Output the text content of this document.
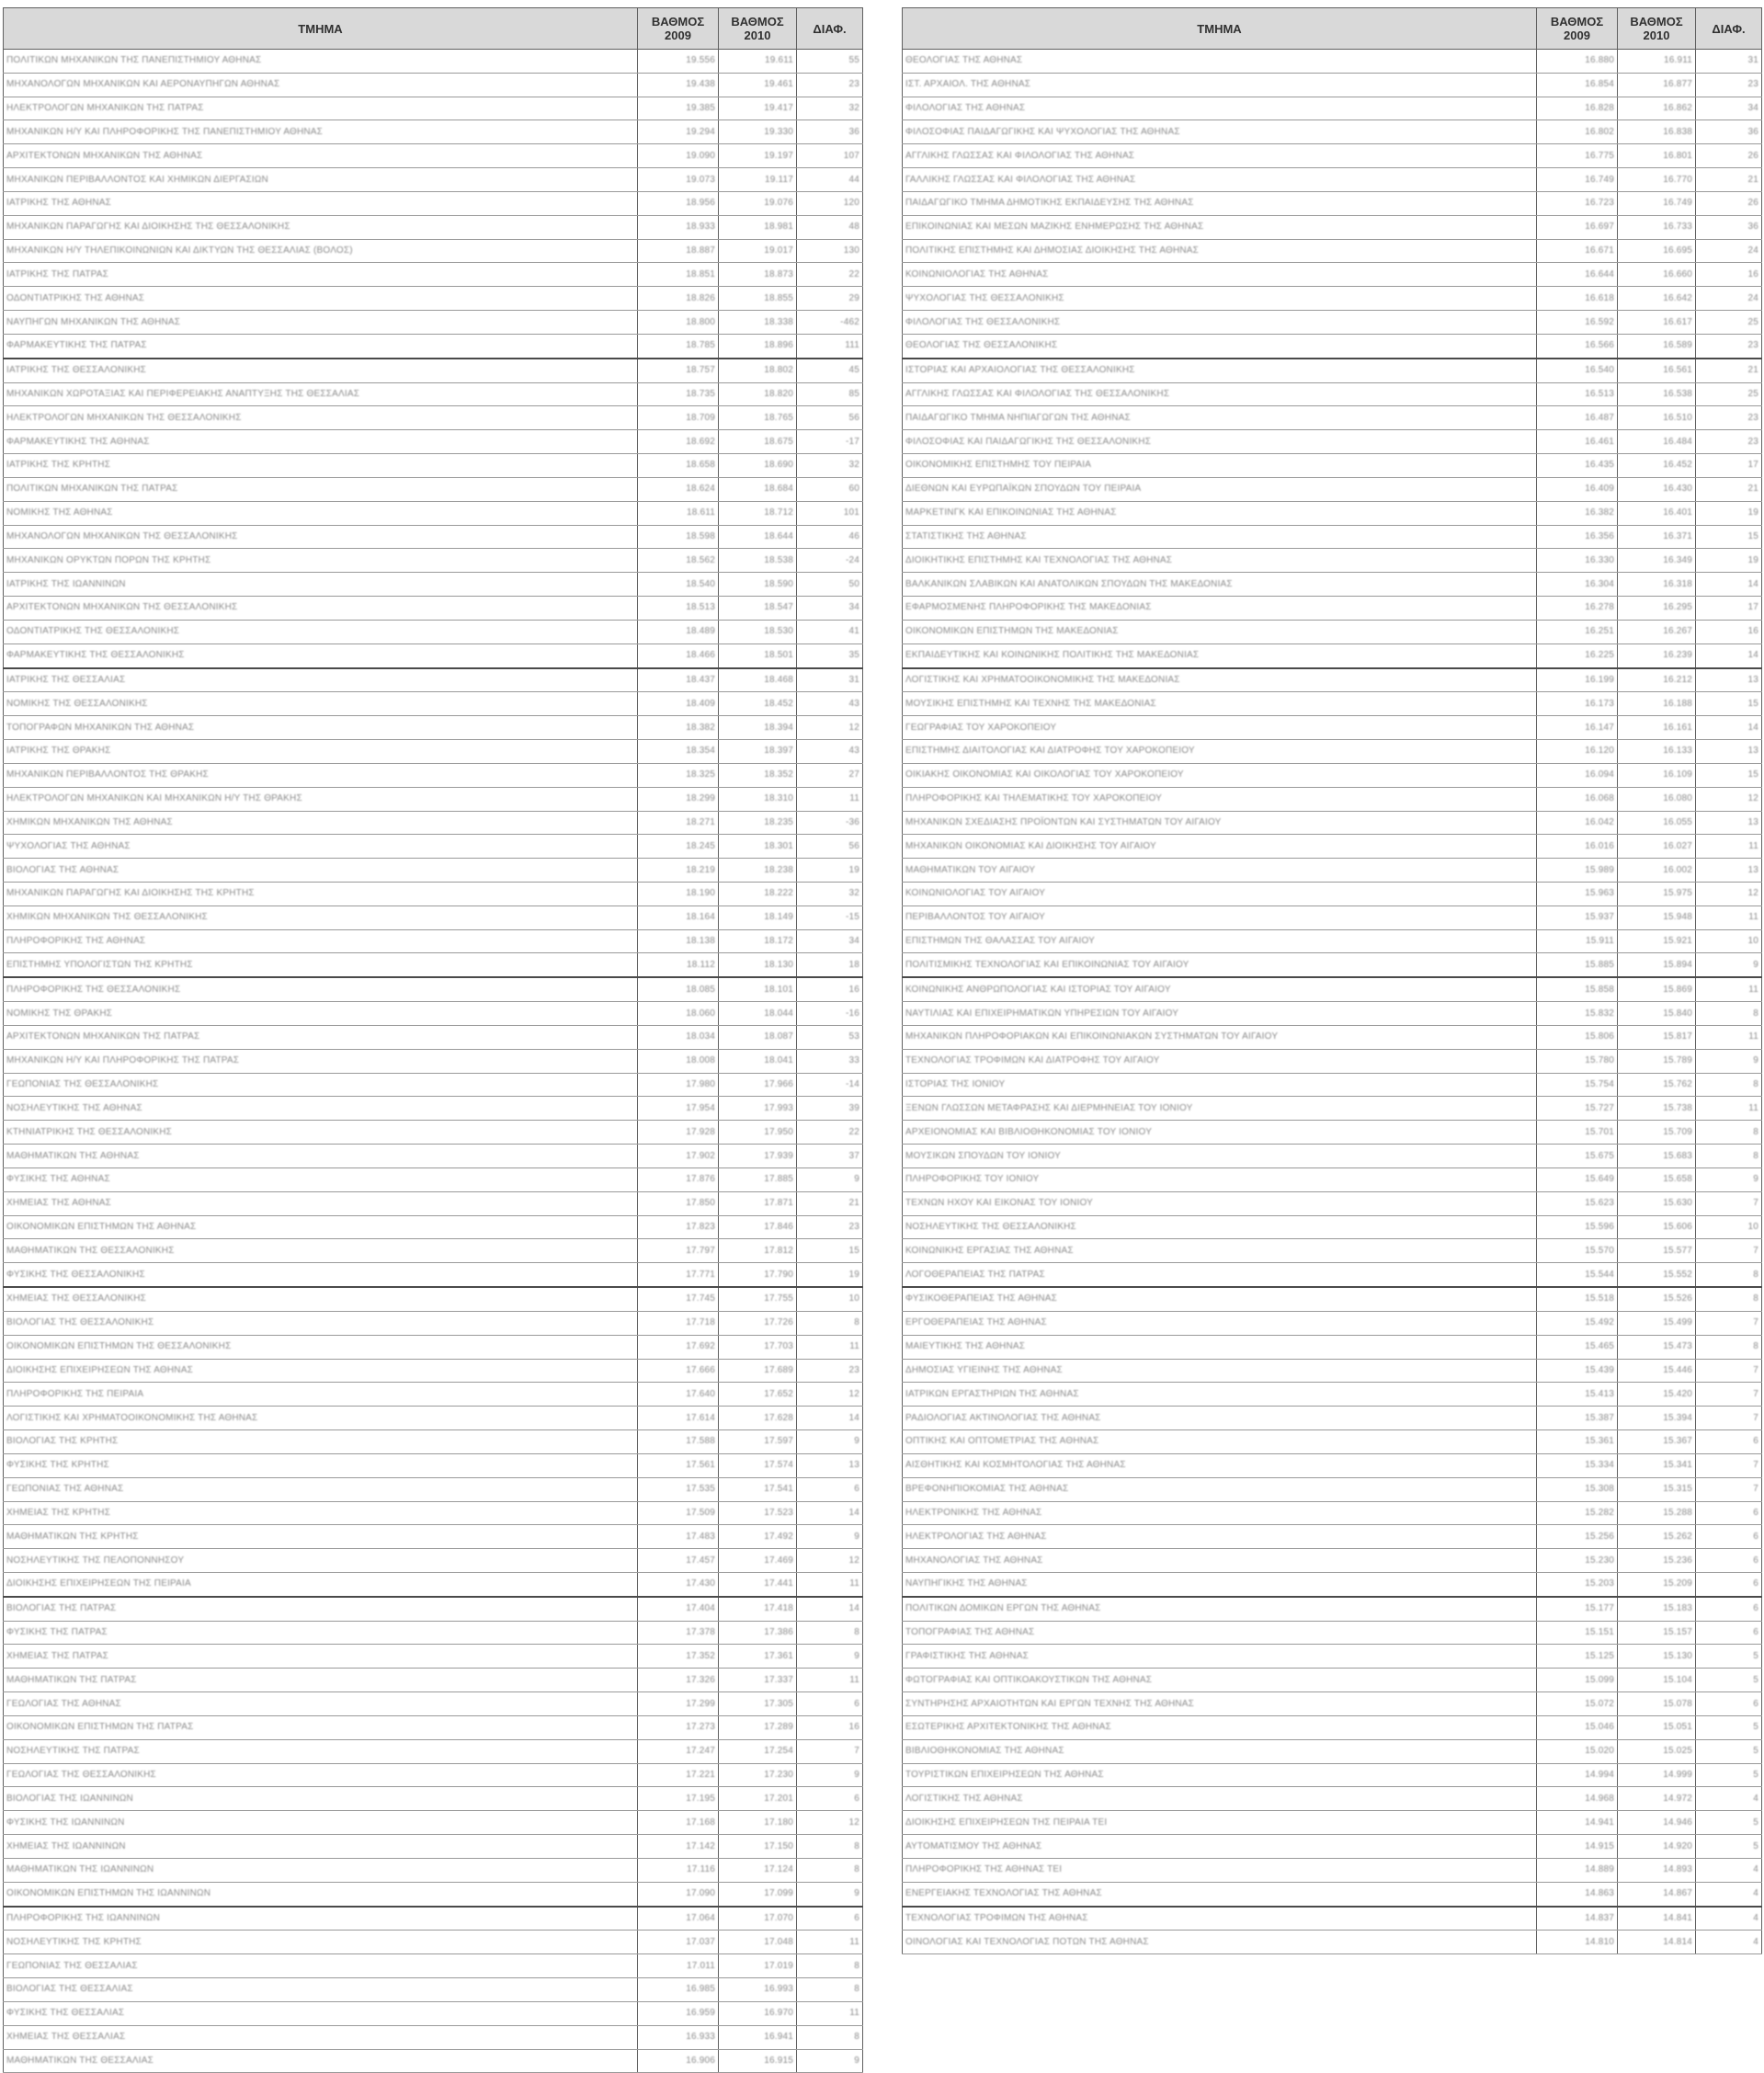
ΤΜΗΜΑ	ΒΑΘΜΟΣ 2009	ΒΑΘΜΟΣ 2010	ΔΙΑΦ.
ΠΟΛΙΤΙΚΩΝ ΜΗΧΑΝΙΚΩΝ ΤΗΣ ΠΑΝΕΠΙΣΤΗΜΙΟΥ ΑΘΗΝΑΣ	19.556	19.611	55
ΜΗΧΑΝΟΛΟΓΩΝ ΜΗΧΑΝΙΚΩΝ ΚΑΙ ΑΕΡΟΝΑΥΠΗΓΩΝ ΑΘΗΝΑΣ	19.438	19.461	23
ΗΛΕΚΤΡΟΛΟΓΩΝ ΜΗΧΑΝΙΚΩΝ ΤΗΣ ΠΑΤΡΑΣ	19.385	19.417	32
ΜΗΧΑΝΙΚΩΝ Η/Υ ΚΑΙ ΠΛΗΡΟΦΟΡΙΚΗΣ ΤΗΣ ΠΑΝΕΠΙΣΤΗΜΙΟΥ ΑΘΗΝΑΣ	19.294	19.330	36
ΑΡΧΙΤΕΚΤΟΝΩΝ ΜΗΧΑΝΙΚΩΝ ΤΗΣ ΑΘΗΝΑΣ	19.090	19.197	107
ΜΗΧΑΝΙΚΩΝ ΠΕΡΙΒΑΛΛΟΝΤΟΣ ΚΑΙ ΧΗΜΙΚΩΝ ΔΙΕΡΓΑΣΙΩΝ	19.073	19.117	44
ΙΑΤΡΙΚΗΣ ΤΗΣ ΑΘΗΝΑΣ	18.956	19.076	120
ΜΗΧΑΝΙΚΩΝ ΠΑΡΑΓΩΓΗΣ ΚΑΙ ΔΙΟΙΚΗΣΗΣ ΤΗΣ ΘΕΣΣΑΛΟΝΙΚΗΣ	18.933	18.981	48
ΜΗΧΑΝΙΚΩΝ Η/Υ ΤΗΛΕΠΙΚΟΙΝΩΝΙΩΝ ΚΑΙ ΔΙΚΤΥΩΝ ΤΗΣ ΘΕΣΣΑΛΙΑΣ (ΒΟΛΟΣ)	18.887	19.017	130
ΙΑΤΡΙΚΗΣ ΤΗΣ ΠΑΤΡΑΣ	18.851	18.873	22
ΟΔΟΝΤΙΑΤΡΙΚΗΣ ΤΗΣ ΑΘΗΝΑΣ	18.826	18.855	29
ΝΑΥΠΗΓΩΝ ΜΗΧΑΝΙΚΩΝ ΤΗΣ ΑΘΗΝΑΣ	18.800	18.338	-462
ΦΑΡΜΑΚΕΥΤΙΚΗΣ ΤΗΣ ΠΑΤΡΑΣ	18.785	18.896	111
ΙΑΤΡΙΚΗΣ ΤΗΣ ΘΕΣΣΑΛΟΝΙΚΗΣ	18.757	18.802	45
ΜΗΧΑΝΙΚΩΝ ΧΩΡΟΤΑΞΙΑΣ ΚΑΙ ΠΕΡΙΦΕΡΕΙΑΚΗΣ ΑΝΑΠΤΥΞΗΣ ΤΗΣ ΘΕΣΣΑΛΙΑΣ	18.735	18.820	85
ΗΛΕΚΤΡΟΛΟΓΩΝ ΜΗΧΑΝΙΚΩΝ ΤΗΣ ΘΕΣΣΑΛΟΝΙΚΗΣ	18.709	18.765	56
ΦΑΡΜΑΚΕΥΤΙΚΗΣ ΤΗΣ ΑΘΗΝΑΣ	18.692	18.675	-17
ΙΑΤΡΙΚΗΣ ΤΗΣ ΚΡΗΤΗΣ	18.658	18.690	32
ΠΟΛΙΤΙΚΩΝ ΜΗΧΑΝΙΚΩΝ ΤΗΣ ΠΑΤΡΑΣ	18.624	18.684	60
ΝΟΜΙΚΗΣ ΤΗΣ ΑΘΗΝΑΣ	18.611	18.712	101
ΜΗΧΑΝΟΛΟΓΩΝ ΜΗΧΑΝΙΚΩΝ ΤΗΣ ΘΕΣΣΑΛΟΝΙΚΗΣ	18.598	18.644	46
ΜΗΧΑΝΙΚΩΝ ΟΡΥΚΤΩΝ ΠΟΡΩΝ ΤΗΣ ΚΡΗΤΗΣ	18.562	18.538	-24
ΙΑΤΡΙΚΗΣ ΤΗΣ ΙΩΑΝΝΙΝΩΝ	18.540	18.590	50
ΑΡΧΙΤΕΚΤΟΝΩΝ ΜΗΧΑΝΙΚΩΝ ΤΗΣ ΘΕΣΣΑΛΟΝΙΚΗΣ	18.513	18.547	34
ΟΔΟΝΤΙΑΤΡΙΚΗΣ ΤΗΣ ΘΕΣΣΑΛΟΝΙΚΗΣ	18.489	18.530	41
ΦΑΡΜΑΚΕΥΤΙΚΗΣ ΤΗΣ ΘΕΣΣΑΛΟΝΙΚΗΣ	18.466	18.501	35
ΙΑΤΡΙΚΗΣ ΤΗΣ ΘΕΣΣΑΛΙΑΣ	18.437	18.468	31
ΝΟΜΙΚΗΣ ΤΗΣ ΘΕΣΣΑΛΟΝΙΚΗΣ	18.409	18.452	43
ΤΟΠΟΓΡΑΦΩΝ ΜΗΧΑΝΙΚΩΝ ΤΗΣ ΑΘΗΝΑΣ	18.382	18.394	12
ΙΑΤΡΙΚΗΣ ΤΗΣ ΘΡΑΚΗΣ	18.354	18.397	43
ΜΗΧΑΝΙΚΩΝ ΠΕΡΙΒΑΛΛΟΝΤΟΣ ΤΗΣ ΘΡΑΚΗΣ	18.325	18.352	27
ΗΛΕΚΤΡΟΛΟΓΩΝ ΜΗΧΑΝΙΚΩΝ ΚΑΙ ΜΗΧΑΝΙΚΩΝ Η/Υ ΤΗΣ ΘΡΑΚΗΣ	18.299	18.310	11
ΧΗΜΙΚΩΝ ΜΗΧΑΝΙΚΩΝ ΤΗΣ ΑΘΗΝΑΣ	18.271	18.235	-36
ΨΥΧΟΛΟΓΙΑΣ ΤΗΣ ΑΘΗΝΑΣ	18.245	18.301	56
ΒΙΟΛΟΓΙΑΣ ΤΗΣ ΑΘΗΝΑΣ	18.219	18.238	19
ΜΗΧΑΝΙΚΩΝ ΠΑΡΑΓΩΓΗΣ ΚΑΙ ΔΙΟΙΚΗΣΗΣ ΤΗΣ ΚΡΗΤΗΣ	18.190	18.222	32
ΧΗΜΙΚΩΝ ΜΗΧΑΝΙΚΩΝ ΤΗΣ ΘΕΣΣΑΛΟΝΙΚΗΣ	18.164	18.149	-15
ΠΛΗΡΟΦΟΡΙΚΗΣ ΤΗΣ ΑΘΗΝΑΣ	18.138	18.172	34
ΕΠΙΣΤΗΜΗΣ ΥΠΟΛΟΓΙΣΤΩΝ ΤΗΣ ΚΡΗΤΗΣ	18.112	18.130	18
ΠΛΗΡΟΦΟΡΙΚΗΣ ΤΗΣ ΘΕΣΣΑΛΟΝΙΚΗΣ	18.085	18.101	16
ΝΟΜΙΚΗΣ ΤΗΣ ΘΡΑΚΗΣ	18.060	18.044	-16
ΑΡΧΙΤΕΚΤΟΝΩΝ ΜΗΧΑΝΙΚΩΝ ΤΗΣ ΠΑΤΡΑΣ	18.034	18.087	53
ΜΗΧΑΝΙΚΩΝ Η/Υ ΚΑΙ ΠΛΗΡΟΦΟΡΙΚΗΣ ΤΗΣ ΠΑΤΡΑΣ	18.008	18.041	33
ΓΕΩΠΟΝΙΑΣ ΤΗΣ ΘΕΣΣΑΛΟΝΙΚΗΣ	17.980	17.966	-14
ΝΟΣΗΛΕΥΤΙΚΗΣ ΤΗΣ ΑΘΗΝΑΣ	17.954	17.993	39
ΚΤΗΝΙΑΤΡΙΚΗΣ ΤΗΣ ΘΕΣΣΑΛΟΝΙΚΗΣ	17.928	17.950	22
ΜΑΘΗΜΑΤΙΚΩΝ ΤΗΣ ΑΘΗΝΑΣ	17.902	17.939	37
ΦΥΣΙΚΗΣ ΤΗΣ ΑΘΗΝΑΣ	17.876	17.885	9
ΧΗΜΕΙΑΣ ΤΗΣ ΑΘΗΝΑΣ	17.850	17.871	21
ΟΙΚΟΝΟΜΙΚΩΝ ΕΠΙΣΤΗΜΩΝ ΤΗΣ ΑΘΗΝΑΣ	17.823	17.846	23
ΜΑΘΗΜΑΤΙΚΩΝ ΤΗΣ ΘΕΣΣΑΛΟΝΙΚΗΣ	17.797	17.812	15
ΦΥΣΙΚΗΣ ΤΗΣ ΘΕΣΣΑΛΟΝΙΚΗΣ	17.771	17.790	19
ΧΗΜΕΙΑΣ ΤΗΣ ΘΕΣΣΑΛΟΝΙΚΗΣ	17.745	17.755	10
ΒΙΟΛΟΓΙΑΣ ΤΗΣ ΘΕΣΣΑΛΟΝΙΚΗΣ	17.718	17.726	8
ΟΙΚΟΝΟΜΙΚΩΝ ΕΠΙΣΤΗΜΩΝ ΤΗΣ ΘΕΣΣΑΛΟΝΙΚΗΣ	17.692	17.703	11
ΔΙΟΙΚΗΣΗΣ ΕΠΙΧΕΙΡΗΣΕΩΝ ΤΗΣ ΑΘΗΝΑΣ	17.666	17.689	23
ΠΛΗΡΟΦΟΡΙΚΗΣ ΤΗΣ ΠΕΙΡΑΙΑ	17.640	17.652	12
ΛΟΓΙΣΤΙΚΗΣ ΚΑΙ ΧΡΗΜΑΤΟΟΙΚΟΝΟΜΙΚΗΣ ΤΗΣ ΑΘΗΝΑΣ	17.614	17.628	14
ΒΙΟΛΟΓΙΑΣ ΤΗΣ ΚΡΗΤΗΣ	17.588	17.597	9
ΦΥΣΙΚΗΣ ΤΗΣ ΚΡΗΤΗΣ	17.561	17.574	13
ΓΕΩΠΟΝΙΑΣ ΤΗΣ ΑΘΗΝΑΣ	17.535	17.541	6
ΧΗΜΕΙΑΣ ΤΗΣ ΚΡΗΤΗΣ	17.509	17.523	14
ΜΑΘΗΜΑΤΙΚΩΝ ΤΗΣ ΚΡΗΤΗΣ	17.483	17.492	9
ΝΟΣΗΛΕΥΤΙΚΗΣ ΤΗΣ ΠΕΛΟΠΟΝΝΗΣΟΥ	17.457	17.469	12
ΔΙΟΙΚΗΣΗΣ ΕΠΙΧΕΙΡΗΣΕΩΝ ΤΗΣ ΠΕΙΡΑΙΑ	17.430	17.441	11
ΒΙΟΛΟΓΙΑΣ ΤΗΣ ΠΑΤΡΑΣ	17.404	17.418	14
ΦΥΣΙΚΗΣ ΤΗΣ ΠΑΤΡΑΣ	17.378	17.386	8
ΧΗΜΕΙΑΣ ΤΗΣ ΠΑΤΡΑΣ	17.352	17.361	9
ΜΑΘΗΜΑΤΙΚΩΝ ΤΗΣ ΠΑΤΡΑΣ	17.326	17.337	11
ΓΕΩΛΟΓΙΑΣ ΤΗΣ ΑΘΗΝΑΣ	17.299	17.305	6
ΟΙΚΟΝΟΜΙΚΩΝ ΕΠΙΣΤΗΜΩΝ ΤΗΣ ΠΑΤΡΑΣ	17.273	17.289	16
ΝΟΣΗΛΕΥΤΙΚΗΣ ΤΗΣ ΠΑΤΡΑΣ	17.247	17.254	7
ΓΕΩΛΟΓΙΑΣ ΤΗΣ ΘΕΣΣΑΛΟΝΙΚΗΣ	17.221	17.230	9
ΒΙΟΛΟΓΙΑΣ ΤΗΣ ΙΩΑΝΝΙΝΩΝ	17.195	17.201	6
ΦΥΣΙΚΗΣ ΤΗΣ ΙΩΑΝΝΙΝΩΝ	17.168	17.180	12
ΧΗΜΕΙΑΣ ΤΗΣ ΙΩΑΝΝΙΝΩΝ	17.142	17.150	8
ΜΑΘΗΜΑΤΙΚΩΝ ΤΗΣ ΙΩΑΝΝΙΝΩΝ	17.116	17.124	8
ΟΙΚΟΝΟΜΙΚΩΝ ΕΠΙΣΤΗΜΩΝ ΤΗΣ ΙΩΑΝΝΙΝΩΝ	17.090	17.099	9
ΠΛΗΡΟΦΟΡΙΚΗΣ ΤΗΣ ΙΩΑΝΝΙΝΩΝ	17.064	17.070	6
ΝΟΣΗΛΕΥΤΙΚΗΣ ΤΗΣ ΚΡΗΤΗΣ	17.037	17.048	11
ΓΕΩΠΟΝΙΑΣ ΤΗΣ ΘΕΣΣΑΛΙΑΣ	17.011	17.019	8
ΒΙΟΛΟΓΙΑΣ ΤΗΣ ΘΕΣΣΑΛΙΑΣ	16.985	16.993	8
ΦΥΣΙΚΗΣ ΤΗΣ ΘΕΣΣΑΛΙΑΣ	16.959	16.970	11
ΧΗΜΕΙΑΣ ΤΗΣ ΘΕΣΣΑΛΙΑΣ	16.933	16.941	8
ΜΑΘΗΜΑΤΙΚΩΝ ΤΗΣ ΘΕΣΣΑΛΙΑΣ	16.906	16.915	9
ΤΜΗΜΑ	ΒΑΘΜΟΣ 2009	ΒΑΘΜΟΣ 2010	ΔΙΑΦ.
ΘΕΟΛΟΓΙΑΣ ΤΗΣ ΑΘΗΝΑΣ	16.880	16.911	31
ΙΣΤ. ΑΡΧΑΙΟΛ. ΤΗΣ ΑΘΗΝΑΣ	16.854	16.877	23
ΦΙΛΟΛΟΓΙΑΣ ΤΗΣ ΑΘΗΝΑΣ	16.828	16.862	34
ΦΙΛΟΣΟΦΙΑΣ ΠΑΙΔΑΓΩΓΙΚΗΣ ΚΑΙ ΨΥΧΟΛΟΓΙΑΣ ΤΗΣ ΑΘΗΝΑΣ	16.802	16.838	36
ΑΓΓΛΙΚΗΣ ΓΛΩΣΣΑΣ ΚΑΙ ΦΙΛΟΛΟΓΙΑΣ ΤΗΣ ΑΘΗΝΑΣ	16.775	16.801	26
ΓΑΛΛΙΚΗΣ ΓΛΩΣΣΑΣ ΚΑΙ ΦΙΛΟΛΟΓΙΑΣ ΤΗΣ ΑΘΗΝΑΣ	16.749	16.770	21
ΠΑΙΔΑΓΩΓΙΚΟ ΤΜΗΜΑ ΔΗΜΟΤΙΚΗΣ ΕΚΠΑΙΔΕΥΣΗΣ ΤΗΣ ΑΘΗΝΑΣ	16.723	16.749	26
ΕΠΙΚΟΙΝΩΝΙΑΣ ΚΑΙ ΜΕΣΩΝ ΜΑΖΙΚΗΣ ΕΝΗΜΕΡΩΣΗΣ ΤΗΣ ΑΘΗΝΑΣ	16.697	16.733	36
ΠΟΛΙΤΙΚΗΣ ΕΠΙΣΤΗΜΗΣ ΚΑΙ ΔΗΜΟΣΙΑΣ ΔΙΟΙΚΗΣΗΣ ΤΗΣ ΑΘΗΝΑΣ	16.671	16.695	24
ΚΟΙΝΩΝΙΟΛΟΓΙΑΣ ΤΗΣ ΑΘΗΝΑΣ	16.644	16.660	16
ΨΥΧΟΛΟΓΙΑΣ ΤΗΣ ΘΕΣΣΑΛΟΝΙΚΗΣ	16.618	16.642	24
ΦΙΛΟΛΟΓΙΑΣ ΤΗΣ ΘΕΣΣΑΛΟΝΙΚΗΣ	16.592	16.617	25
ΘΕΟΛΟΓΙΑΣ ΤΗΣ ΘΕΣΣΑΛΟΝΙΚΗΣ	16.566	16.589	23
ΙΣΤΟΡΙΑΣ ΚΑΙ ΑΡΧΑΙΟΛΟΓΙΑΣ ΤΗΣ ΘΕΣΣΑΛΟΝΙΚΗΣ	16.540	16.561	21
ΑΓΓΛΙΚΗΣ ΓΛΩΣΣΑΣ ΚΑΙ ΦΙΛΟΛΟΓΙΑΣ ΤΗΣ ΘΕΣΣΑΛΟΝΙΚΗΣ	16.513	16.538	25
ΠΑΙΔΑΓΩΓΙΚΟ ΤΜΗΜΑ ΝΗΠΙΑΓΩΓΩΝ ΤΗΣ ΑΘΗΝΑΣ	16.487	16.510	23
ΦΙΛΟΣΟΦΙΑΣ ΚΑΙ ΠΑΙΔΑΓΩΓΙΚΗΣ ΤΗΣ ΘΕΣΣΑΛΟΝΙΚΗΣ	16.461	16.484	23
ΟΙΚΟΝΟΜΙΚΗΣ ΕΠΙΣΤΗΜΗΣ ΤΟΥ ΠΕΙΡΑΙΑ	16.435	16.452	17
ΔΙΕΘΝΩΝ ΚΑΙ ΕΥΡΩΠΑΪΚΩΝ ΣΠΟΥΔΩΝ ΤΟΥ ΠΕΙΡΑΙΑ	16.409	16.430	21
ΜΑΡΚΕΤΙΝΓΚ ΚΑΙ ΕΠΙΚΟΙΝΩΝΙΑΣ ΤΗΣ ΑΘΗΝΑΣ	16.382	16.401	19
ΣΤΑΤΙΣΤΙΚΗΣ ΤΗΣ ΑΘΗΝΑΣ	16.356	16.371	15
ΔΙΟΙΚΗΤΙΚΗΣ ΕΠΙΣΤΗΜΗΣ ΚΑΙ ΤΕΧΝΟΛΟΓΙΑΣ ΤΗΣ ΑΘΗΝΑΣ	16.330	16.349	19
ΒΑΛΚΑΝΙΚΩΝ ΣΛΑΒΙΚΩΝ ΚΑΙ ΑΝΑΤΟΛΙΚΩΝ ΣΠΟΥΔΩΝ ΤΗΣ ΜΑΚΕΔΟΝΙΑΣ	16.304	16.318	14
ΕΦΑΡΜΟΣΜΕΝΗΣ ΠΛΗΡΟΦΟΡΙΚΗΣ ΤΗΣ ΜΑΚΕΔΟΝΙΑΣ	16.278	16.295	17
ΟΙΚΟΝΟΜΙΚΩΝ ΕΠΙΣΤΗΜΩΝ ΤΗΣ ΜΑΚΕΔΟΝΙΑΣ	16.251	16.267	16
ΕΚΠΑΙΔΕΥΤΙΚΗΣ ΚΑΙ ΚΟΙΝΩΝΙΚΗΣ ΠΟΛΙΤΙΚΗΣ ΤΗΣ ΜΑΚΕΔΟΝΙΑΣ	16.225	16.239	14
ΛΟΓΙΣΤΙΚΗΣ ΚΑΙ ΧΡΗΜΑΤΟΟΙΚΟΝΟΜΙΚΗΣ ΤΗΣ ΜΑΚΕΔΟΝΙΑΣ	16.199	16.212	13
ΜΟΥΣΙΚΗΣ ΕΠΙΣΤΗΜΗΣ ΚΑΙ ΤΕΧΝΗΣ ΤΗΣ ΜΑΚΕΔΟΝΙΑΣ	16.173	16.188	15
ΓΕΩΓΡΑΦΙΑΣ ΤΟΥ ΧΑΡΟΚΟΠΕΙΟΥ	16.147	16.161	14
ΕΠΙΣΤΗΜΗΣ ΔΙΑΙΤΟΛΟΓΙΑΣ ΚΑΙ ΔΙΑΤΡΟΦΗΣ ΤΟΥ ΧΑΡΟΚΟΠΕΙΟΥ	16.120	16.133	13
ΟΙΚΙΑΚΗΣ ΟΙΚΟΝΟΜΙΑΣ ΚΑΙ ΟΙΚΟΛΟΓΙΑΣ ΤΟΥ ΧΑΡΟΚΟΠΕΙΟΥ	16.094	16.109	15
ΠΛΗΡΟΦΟΡΙΚΗΣ ΚΑΙ ΤΗΛΕΜΑΤΙΚΗΣ ΤΟΥ ΧΑΡΟΚΟΠΕΙΟΥ	16.068	16.080	12
ΜΗΧΑΝΙΚΩΝ ΣΧΕΔΙΑΣΗΣ ΠΡΟΪΟΝΤΩΝ ΚΑΙ ΣΥΣΤΗΜΑΤΩΝ ΤΟΥ ΑΙΓΑΙΟΥ	16.042	16.055	13
ΜΗΧΑΝΙΚΩΝ ΟΙΚΟΝΟΜΙΑΣ ΚΑΙ ΔΙΟΙΚΗΣΗΣ ΤΟΥ ΑΙΓΑΙΟΥ	16.016	16.027	11
ΜΑΘΗΜΑΤΙΚΩΝ ΤΟΥ ΑΙΓΑΙΟΥ	15.989	16.002	13
ΚΟΙΝΩΝΙΟΛΟΓΙΑΣ ΤΟΥ ΑΙΓΑΙΟΥ	15.963	15.975	12
ΠΕΡΙΒΑΛΛΟΝΤΟΣ ΤΟΥ ΑΙΓΑΙΟΥ	15.937	15.948	11
ΕΠΙΣΤΗΜΩΝ ΤΗΣ ΘΑΛΑΣΣΑΣ ΤΟΥ ΑΙΓΑΙΟΥ	15.911	15.921	10
ΠΟΛΙΤΙΣΜΙΚΗΣ ΤΕΧΝΟΛΟΓΙΑΣ ΚΑΙ ΕΠΙΚΟΙΝΩΝΙΑΣ ΤΟΥ ΑΙΓΑΙΟΥ	15.885	15.894	9
ΚΟΙΝΩΝΙΚΗΣ ΑΝΘΡΩΠΟΛΟΓΙΑΣ ΚΑΙ ΙΣΤΟΡΙΑΣ ΤΟΥ ΑΙΓΑΙΟΥ	15.858	15.869	11
ΝΑΥΤΙΛΙΑΣ ΚΑΙ ΕΠΙΧΕΙΡΗΜΑΤΙΚΩΝ ΥΠΗΡΕΣΙΩΝ ΤΟΥ ΑΙΓΑΙΟΥ	15.832	15.840	8
ΜΗΧΑΝΙΚΩΝ ΠΛΗΡΟΦΟΡΙΑΚΩΝ ΚΑΙ ΕΠΙΚΟΙΝΩΝΙΑΚΩΝ ΣΥΣΤΗΜΑΤΩΝ ΤΟΥ ΑΙΓΑΙΟΥ	15.806	15.817	11
ΤΕΧΝΟΛΟΓΙΑΣ ΤΡΟΦΙΜΩΝ ΚΑΙ ΔΙΑΤΡΟΦΗΣ ΤΟΥ ΑΙΓΑΙΟΥ	15.780	15.789	9
ΙΣΤΟΡΙΑΣ ΤΗΣ ΙΟΝΙΟΥ	15.754	15.762	8
ΞΕΝΩΝ ΓΛΩΣΣΩΝ ΜΕΤΑΦΡΑΣΗΣ ΚΑΙ ΔΙΕΡΜΗΝΕΙΑΣ ΤΟΥ ΙΟΝΙΟΥ	15.727	15.738	11
ΑΡΧΕΙΟΝΟΜΙΑΣ ΚΑΙ ΒΙΒΛΙΟΘΗΚΟΝΟΜΙΑΣ ΤΟΥ ΙΟΝΙΟΥ	15.701	15.709	8
ΜΟΥΣΙΚΩΝ ΣΠΟΥΔΩΝ ΤΟΥ ΙΟΝΙΟΥ	15.675	15.683	8
ΠΛΗΡΟΦΟΡΙΚΗΣ ΤΟΥ ΙΟΝΙΟΥ	15.649	15.658	9
ΤΕΧΝΩΝ ΗΧΟΥ ΚΑΙ ΕΙΚΟΝΑΣ ΤΟΥ ΙΟΝΙΟΥ	15.623	15.630	7
ΝΟΣΗΛΕΥΤΙΚΗΣ ΤΗΣ ΘΕΣΣΑΛΟΝΙΚΗΣ	15.596	15.606	10
ΚΟΙΝΩΝΙΚΗΣ ΕΡΓΑΣΙΑΣ ΤΗΣ ΑΘΗΝΑΣ	15.570	15.577	7
ΛΟΓΟΘΕΡΑΠΕΙΑΣ ΤΗΣ ΠΑΤΡΑΣ	15.544	15.552	8
ΦΥΣΙΚΟΘΕΡΑΠΕΙΑΣ ΤΗΣ ΑΘΗΝΑΣ	15.518	15.526	8
ΕΡΓΟΘΕΡΑΠΕΙΑΣ ΤΗΣ ΑΘΗΝΑΣ	15.492	15.499	7
ΜΑΙΕΥΤΙΚΗΣ ΤΗΣ ΑΘΗΝΑΣ	15.465	15.473	8
ΔΗΜΟΣΙΑΣ ΥΓΙΕΙΝΗΣ ΤΗΣ ΑΘΗΝΑΣ	15.439	15.446	7
ΙΑΤΡΙΚΩΝ ΕΡΓΑΣΤΗΡΙΩΝ ΤΗΣ ΑΘΗΝΑΣ	15.413	15.420	7
ΡΑΔΙΟΛΟΓΙΑΣ ΑΚΤΙΝΟΛΟΓΙΑΣ ΤΗΣ ΑΘΗΝΑΣ	15.387	15.394	7
ΟΠΤΙΚΗΣ ΚΑΙ ΟΠΤΟΜΕΤΡΙΑΣ ΤΗΣ ΑΘΗΝΑΣ	15.361	15.367	6
ΑΙΣΘΗΤΙΚΗΣ ΚΑΙ ΚΟΣΜΗΤΟΛΟΓΙΑΣ ΤΗΣ ΑΘΗΝΑΣ	15.334	15.341	7
ΒΡΕΦΟΝΗΠΙΟΚΟΜΙΑΣ ΤΗΣ ΑΘΗΝΑΣ	15.308	15.315	7
ΗΛΕΚΤΡΟΝΙΚΗΣ ΤΗΣ ΑΘΗΝΑΣ	15.282	15.288	6
ΗΛΕΚΤΡΟΛΟΓΙΑΣ ΤΗΣ ΑΘΗΝΑΣ	15.256	15.262	6
ΜΗΧΑΝΟΛΟΓΙΑΣ ΤΗΣ ΑΘΗΝΑΣ	15.230	15.236	6
ΝΑΥΠΗΓΙΚΗΣ ΤΗΣ ΑΘΗΝΑΣ	15.203	15.209	6
ΠΟΛΙΤΙΚΩΝ ΔΟΜΙΚΩΝ ΕΡΓΩΝ ΤΗΣ ΑΘΗΝΑΣ	15.177	15.183	6
ΤΟΠΟΓΡΑΦΙΑΣ ΤΗΣ ΑΘΗΝΑΣ	15.151	15.157	6
ΓΡΑΦΙΣΤΙΚΗΣ ΤΗΣ ΑΘΗΝΑΣ	15.125	15.130	5
ΦΩΤΟΓΡΑΦΙΑΣ ΚΑΙ ΟΠΤΙΚΟΑΚΟΥΣΤΙΚΩΝ ΤΗΣ ΑΘΗΝΑΣ	15.099	15.104	5
ΣΥΝΤΗΡΗΣΗΣ ΑΡΧΑΙΟΤΗΤΩΝ ΚΑΙ ΕΡΓΩΝ ΤΕΧΝΗΣ ΤΗΣ ΑΘΗΝΑΣ	15.072	15.078	6
ΕΣΩΤΕΡΙΚΗΣ ΑΡΧΙΤΕΚΤΟΝΙΚΗΣ ΤΗΣ ΑΘΗΝΑΣ	15.046	15.051	5
ΒΙΒΛΙΟΘΗΚΟΝΟΜΙΑΣ ΤΗΣ ΑΘΗΝΑΣ	15.020	15.025	5
ΤΟΥΡΙΣΤΙΚΩΝ ΕΠΙΧΕΙΡΗΣΕΩΝ ΤΗΣ ΑΘΗΝΑΣ	14.994	14.999	5
ΛΟΓΙΣΤΙΚΗΣ ΤΗΣ ΑΘΗΝΑΣ	14.968	14.972	4
ΔΙΟΙΚΗΣΗΣ ΕΠΙΧΕΙΡΗΣΕΩΝ ΤΗΣ ΠΕΙΡΑΙΑ ΤΕΙ	14.941	14.946	5
ΑΥΤΟΜΑΤΙΣΜΟΥ ΤΗΣ ΑΘΗΝΑΣ	14.915	14.920	5
ΠΛΗΡΟΦΟΡΙΚΗΣ ΤΗΣ ΑΘΗΝΑΣ ΤΕΙ	14.889	14.893	4
ΕΝΕΡΓΕΙΑΚΗΣ ΤΕΧΝΟΛΟΓΙΑΣ ΤΗΣ ΑΘΗΝΑΣ	14.863	14.867	4
ΤΕΧΝΟΛΟΓΙΑΣ ΤΡΟΦΙΜΩΝ ΤΗΣ ΑΘΗΝΑΣ	14.837	14.841	4
ΟΙΝΟΛΟΓΙΑΣ ΚΑΙ ΤΕΧΝΟΛΟΓΙΑΣ ΠΟΤΩΝ ΤΗΣ ΑΘΗΝΑΣ	14.810	14.814	4
